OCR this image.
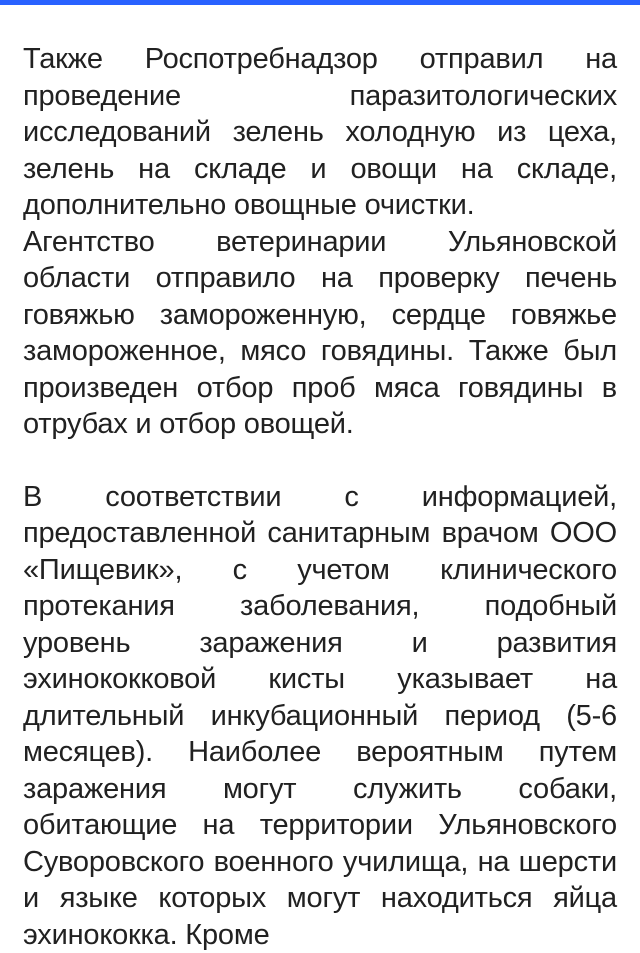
Также Роспотребнадзор отправил на проведение паразитологических исследований зелень холодную из цеха, зелень на складе и овощи на складе, дополнительно овощные очистки.

Агентство ветеринарии Ульяновской области отправило на проверку печень говяжью замороженную, сердце говяжье замороженное, мясо говядины. Также был произведен отбор проб мяса говядины в отрубах и отбор овощей.

В соответствии с информацией, предоставленной санитарным врачом ООО «Пищевик», с учетом клинического протекания заболевания, подобный уровень заражения и развития эхинококковой кисты указывает на длительный инкубационный период (5-6 месяцев). Наиболее вероятным путем заражения могут служить собаки, обитающие на территории Ульяновского Суворовского военного училища, на шерсти и языке которых могут находиться яйца эхинококка. Кроме
